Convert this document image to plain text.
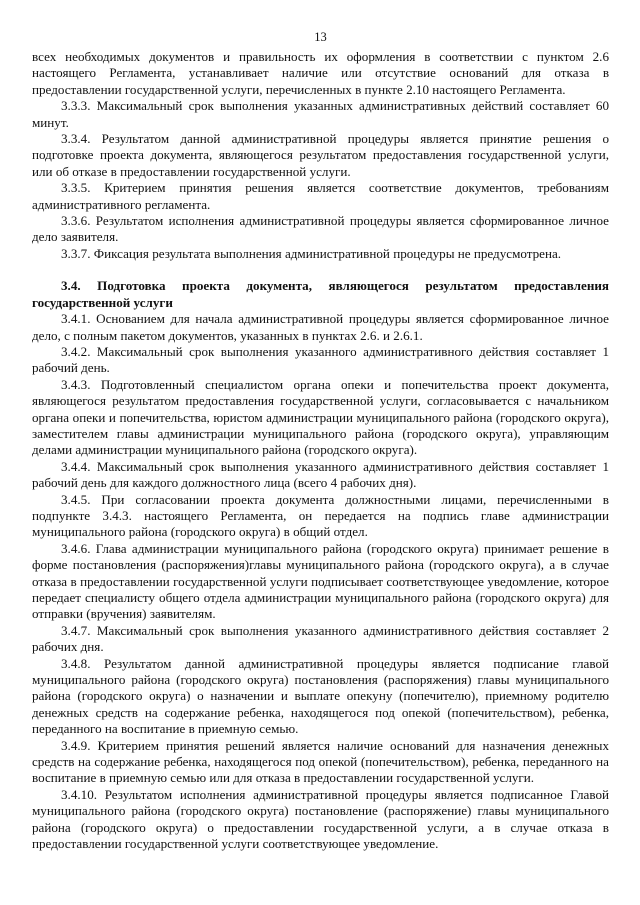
13

всех необходимых документов и правильность их оформления в соответствии с пунктом 2.6 настоящего Регламента, устанавливает наличие или отсутствие оснований для отказа в предоставлении государственной услуги, перечисленных в пункте 2.10 настоящего Регламента.

3.3.3. Максимальный срок выполнения указанных административных действий составляет 60 минут.

3.3.4. Результатом данной административной процедуры является принятие решения о подготовке проекта документа, являющегося результатом предоставления государственной услуги, или об отказе в предоставлении государственной услуги.

3.3.5. Критерием принятия решения является соответствие документов, требованиям административного регламента.

3.3.6. Результатом исполнения административной процедуры является сформированное личное дело заявителя.

3.3.7. Фиксация результата выполнения административной процедуры не предусмотрена.

3.4. Подготовка проекта документа, являющегося результатом предоставления государственной услуги

3.4.1. Основанием для начала административной процедуры является сформированное личное дело, с полным пакетом документов, указанных в пунктах 2.6. и 2.6.1.

3.4.2. Максимальный срок выполнения указанного административного действия составляет 1 рабочий день.

3.4.3. Подготовленный специалистом органа опеки и попечительства проект документа, являющегося результатом предоставления государственной услуги, согласовывается с начальником органа опеки и попечительства, юристом администрации муниципального района (городского округа), заместителем главы администрации муниципального района (городского округа), управляющим делами администрации муниципального района (городского округа).

3.4.4. Максимальный срок выполнения указанного административного действия составляет 1 рабочий день для каждого должностного лица (всего 4 рабочих дня).

3.4.5. При согласовании проекта документа должностными лицами, перечисленными в подпункте 3.4.3. настоящего Регламента, он передается на подпись главе администрации муниципального района (городского округа) в общий отдел.

3.4.6. Глава администрации муниципального района (городского округа) принимает решение в форме постановления (распоряжения)главы муниципального района (городского округа), а в случае отказа в предоставлении государственной услуги подписывает соответствующее уведомление, которое передает специалисту общего отдела администрации муниципального района (городского округа) для отправки (вручения) заявителям.

3.4.7. Максимальный срок выполнения указанного административного действия составляет 2 рабочих дня.

3.4.8. Результатом данной административной процедуры является подписание главой муниципального района (городского округа) постановления (распоряжения) главы муниципального района (городского округа) о назначении и выплате опекуну (попечителю), приемному родителю денежных средств на содержание ребенка, находящегося под опекой (попечительством), ребенка, переданного на воспитание в приемную семью.

3.4.9. Критерием принятия решений является наличие оснований для назначения денежных средств на содержание ребенка, находящегося под опекой (попечительством), ребенка, переданного на воспитание в приемную семью или для отказа в предоставлении государственной услуги.

3.4.10. Результатом исполнения административной процедуры является подписанное Главой муниципального района (городского округа) постановление (распоряжение) главы муниципального района (городского округа) о предоставлении государственной услуги, а в случае отказа в предоставлении государственной услуги соответствующее уведомление.
